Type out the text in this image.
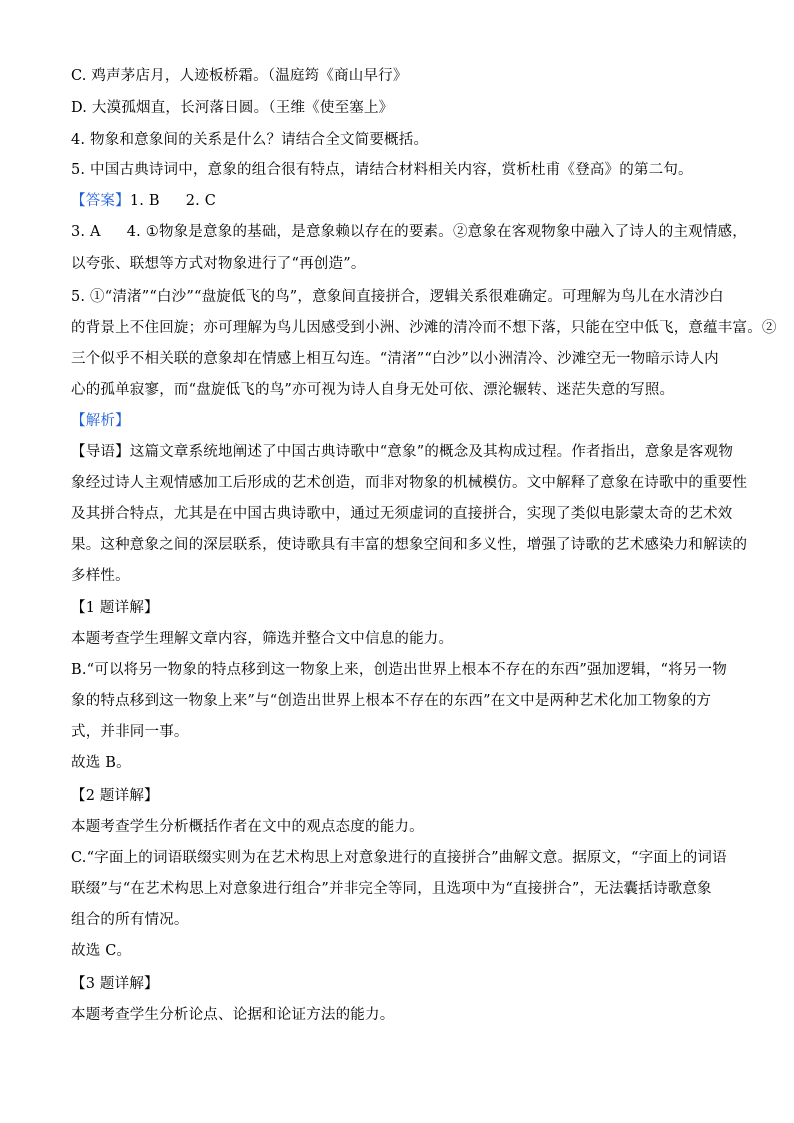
C. 鸡声茅店月，人迹板桥霜。（温庭筠《商山早行》
D. 大漠孤烟直，长河落日圆。（王维《使至塞上》
4. 物象和意象间的关系是什么？请结合全文简要概括。
5. 中国古典诗词中，意象的组合很有特点，请结合材料相关内容，赏析杜甫《登高》的第二句。
【答案】1. B 2. C
3. A 4. ①物象是意象的基础，是意象赖以存在的要素。②意象在客观物象中融入了诗人的主观情感，
以夸张、联想等方式对物象进行了“再创造”。
5. ①“清渚”“白沙”“盘旋低飞的鸟”，意象间直接拼合，逻辑关系很难确定。可理解为鸟儿在水清沙白
的背景上不住回旋；亦可理解为鸟儿因感受到小洲、沙滩的清冷而不想下落，只能在空中低飞，意蕴丰富。②
三个似乎不相关联的意象却在情感上相互勾连。“清渚”“白沙”以小洲清冷、沙滩空无一物暗示诗人内
心的孤单寂寥，而“盘旋低飞的鸟”亦可视为诗人自身无处可依、漂沦辗转、迷茫失意的写照。
【解析】
【导语】这篇文章系统地阐述了中国古典诗歌中“意象”的概念及其构成过程。作者指出，意象是客观物
象经过诗人主观情感加工后形成的艺术创造，而非对物象的机械模仿。文中解释了意象在诗歌中的重要性
及其拼合特点，尤其是在中国古典诗歌中，通过无须虚词的直接拼合，实现了类似电影蒙太奇的艺术效
果。这种意象之间的深层联系，使诗歌具有丰富的想象空间和多义性，增强了诗歌的艺术感染力和解读的
多样性。
【1 题详解】
本题考查学生理解文章内容，筛选并整合文中信息的能力。
B.“可以将另一物象的特点移到这一物象上来，创造出世界上根本不存在的东西”强加逻辑，“将另一物
象的特点移到这一物象上来”与“创造出世界上根本不存在的东西”在文中是两种艺术化加工物象的方
式，并非同一事。
故选 B。
【2 题详解】
本题考查学生分析概括作者在文中的观点态度的能力。
C.“字面上的词语联缀实则为在艺术构思上对意象进行的直接拼合”曲解文意。据原文，“字面上的词语
联缀”与“在艺术构思上对意象进行组合”并非完全等同，且选项中为“直接拼合”，无法囊括诗歌意象
组合的所有情况。
故选 C。
【3 题详解】
本题考查学生分析论点、论据和论证方法的能力。
